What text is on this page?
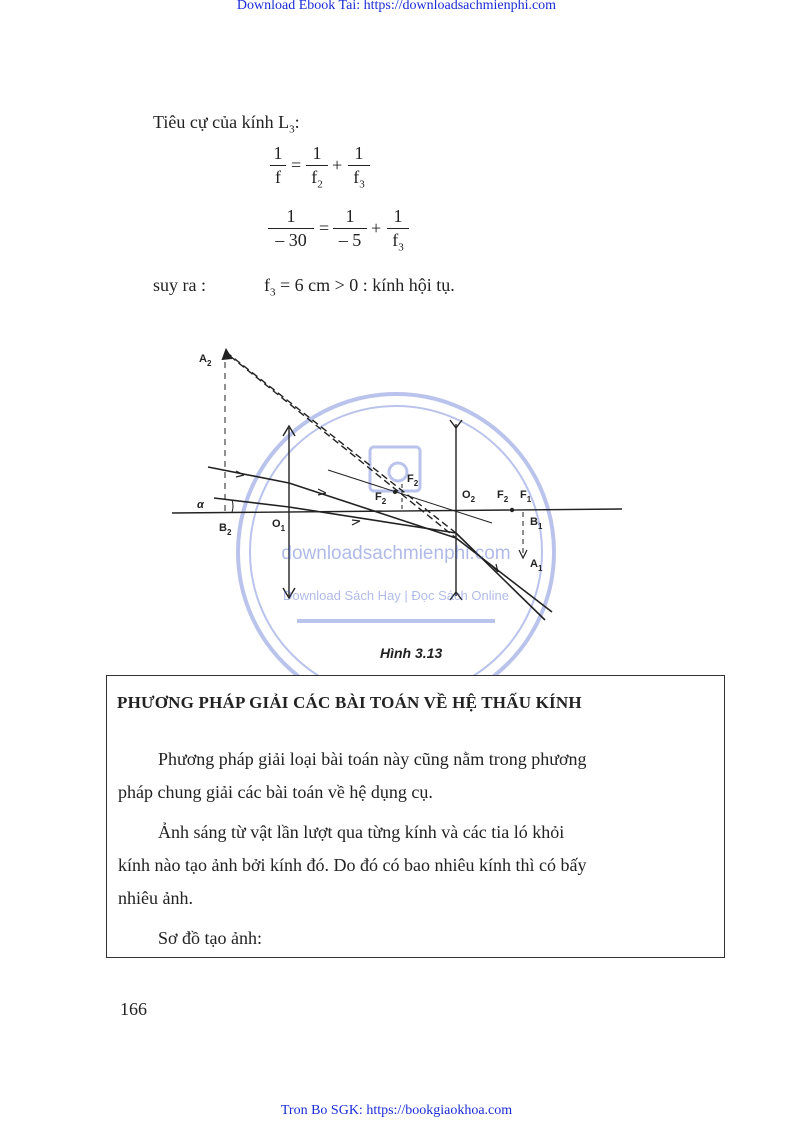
Download Ebook Tai: https://downloadsachmienphi.com
Tiêu cự của kính $L_3$:
1
f
=
1
$f_2$
+
1
$f_3$
1
– 30
=
1
– 5
+
1
$f_3$
suy ra :	$f_3 = 6$ cm > 0 : kính hội tụ.
$A_2$
α
$B_2$
$O_1$
$F_2$
$F_2$
$O_2$ $F_2$ $F_1$
$B_1$
$A_1$
downloadsachmienphi.com
Download Sách Hay | Đọc Sách Online
Hình 3.13
PHƯƠNG PHÁP GIẢI CÁC BÀI TOÁN VỀ HỆ THẤU KÍNH
Phương pháp giải loại bài toán này cũng nằm trong phương
pháp chung giải các bài toán về hệ dụng cụ.
Ảnh sáng từ vật lần lượt qua từng kính và các tia ló khỏi
kính nào tạo ảnh bởi kính đó. Do đó có bao nhiêu kính thì có bấy
nhiêu ảnh.
Sơ đồ tạo ảnh:
166
Tron Bo SGK: https://bookgiaokhoa.com
